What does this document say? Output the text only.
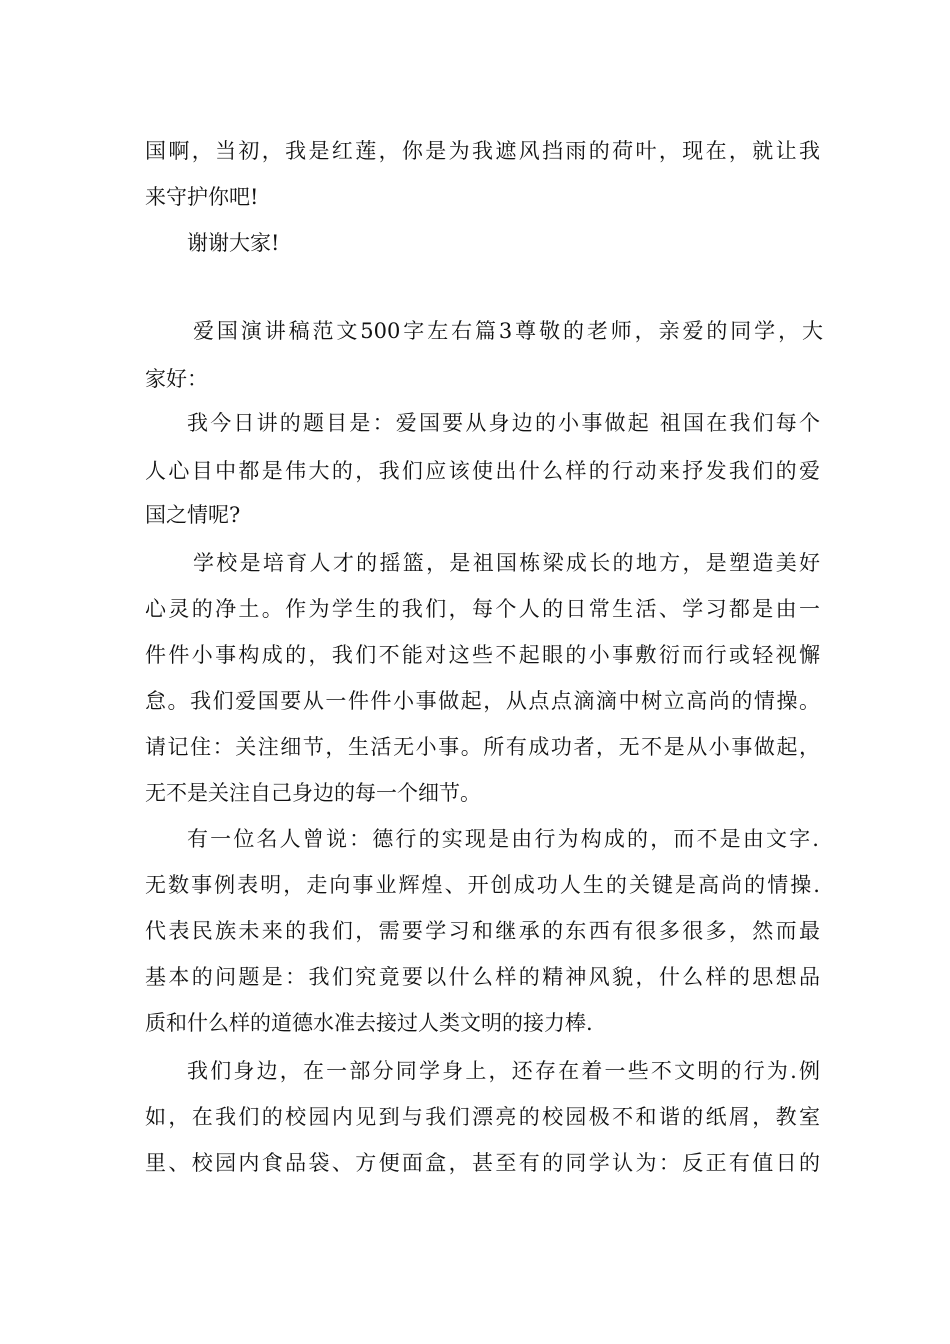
国啊，当初，我是红莲，你是为我遮风挡雨的荷叶，现在，就让我
来守护你吧!
谢谢大家!
爱国演讲稿范文500字左右篇3尊敬的老师，亲爱的同学，大
家好：
我今日讲的题目是：爱国要从身边的小事做起 祖国在我们每个
人心目中都是伟大的，我们应该使出什么样的行动来抒发我们的爱
国之情呢?
学校是培育人才的摇篮，是祖国栋梁成长的地方，是塑造美好
心灵的净土。作为学生的我们，每个人的日常生活、学习都是由一
件件小事构成的，我们不能对这些不起眼的小事敷衍而行或轻视懈
怠。我们爱国要从一件件小事做起，从点点滴滴中树立高尚的情操。
请记住：关注细节，生活无小事。所有成功者，无不是从小事做起，
无不是关注自己身边的每一个细节。
有一位名人曾说：德行的实现是由行为构成的，而不是由文字.
无数事例表明，走向事业辉煌、开创成功人生的关键是高尚的情操.
代表民族未来的我们，需要学习和继承的东西有很多很多，然而最
基本的问题是：我们究竟要以什么样的精神风貌，什么样的思想品
质和什么样的道德水准去接过人类文明的接力棒.
我们身边，在一部分同学身上，还存在着一些不文明的行为.例
如，在我们的校园内见到与我们漂亮的校园极不和谐的纸屑，教室
里、校园内食品袋、方便面盒，甚至有的同学认为：反正有值日的
